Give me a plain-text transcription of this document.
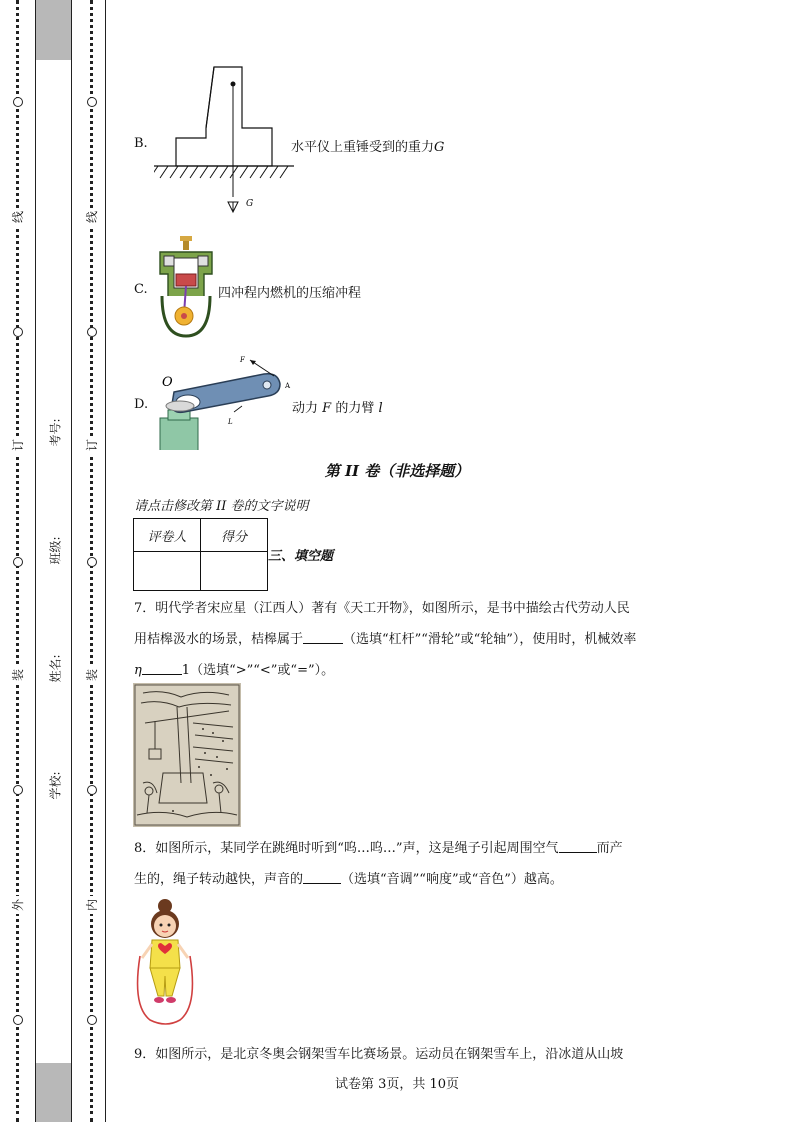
线
订
装
外
线
订
装
内
考号:
班级:
姓名:
学校:
B.
G
水平仪上重锤受到的重力G
C.	四冲程内燃机的压缩冲程
D.
O
F
A
L
动力 F 的力臂 l
第 II 卷（非选择题）
请点击修改第 II 卷的文字说明
评卷人	得分

三、填空题
7．明代学者宋应星（江西人）著有《天工开物》，如图所示，是书中描绘古代劳动人民
用桔槔汲水的场景，桔槔属于	（选填“杠杆”“滑轮”或“轮轴”），使用时，机械效率
η	1（选填“>”“<”或“=”）。
8．如图所示，某同学在跳绳时听到“呜…呜…”声，这是绳子引起周围空气	而产
生的，绳子转动越快，声音的	（选填“音调”“响度”或“音色”）越高。
9．如图所示，是北京冬奥会钢架雪车比赛场景。运动员在钢架雪车上，沿冰道从山坡
试卷第 3页，共 10页
